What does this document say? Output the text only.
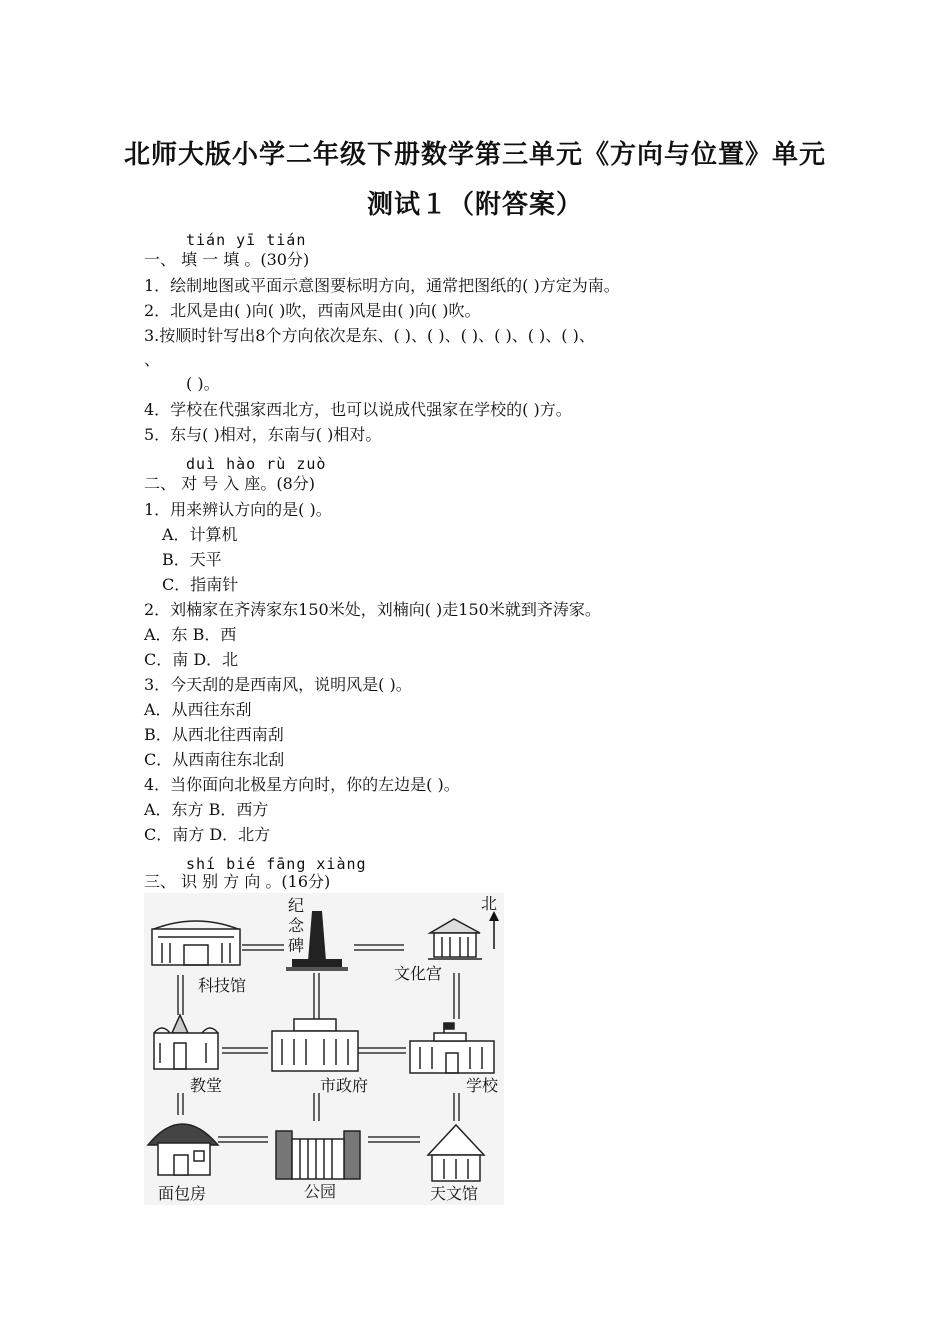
北师大版小学二年级下册数学第三单元《方向与位置》单元
测试１（附答案）
tián yī tián
一、 填 一 填 。(30分)
1．绘制地图或平面示意图要标明方向，通常把图纸的( )方定为南。
2．北风是由( )向( )吹，西南风是由( )向( )吹。
3.按顺时针写出8个方向依次是东、( )、( )、( )、( )、( )、( )、
、
( )。
4．学校在代强家西北方，也可以说成代强家在学校的( )方。
5．东与( )相对，东南与( )相对。
duì hào rù zuò
二、 对 号 入 座。(8分)
1．用来辨认方向的是( )。
A．计算机
B．天平
C．指南针
2．刘楠家在齐涛家东150米处，刘楠向( )走150米就到齐涛家。
A．东 B．西
C．南 D．北
3．今天刮的是西南风，说明风是( )。
A．从西往东刮
B．从西北往西南刮
C．从西南往东北刮
4．当你面向北极星方向时，你的左边是( )。
A．东方 B．西方
C．南方 D．北方
shí bié fāng xiàng
三、 识 别 方 向 。(16分)
北
科技馆
纪
念
碑
文化宫
教堂	市政府	学校
面包房	公园	天文馆
